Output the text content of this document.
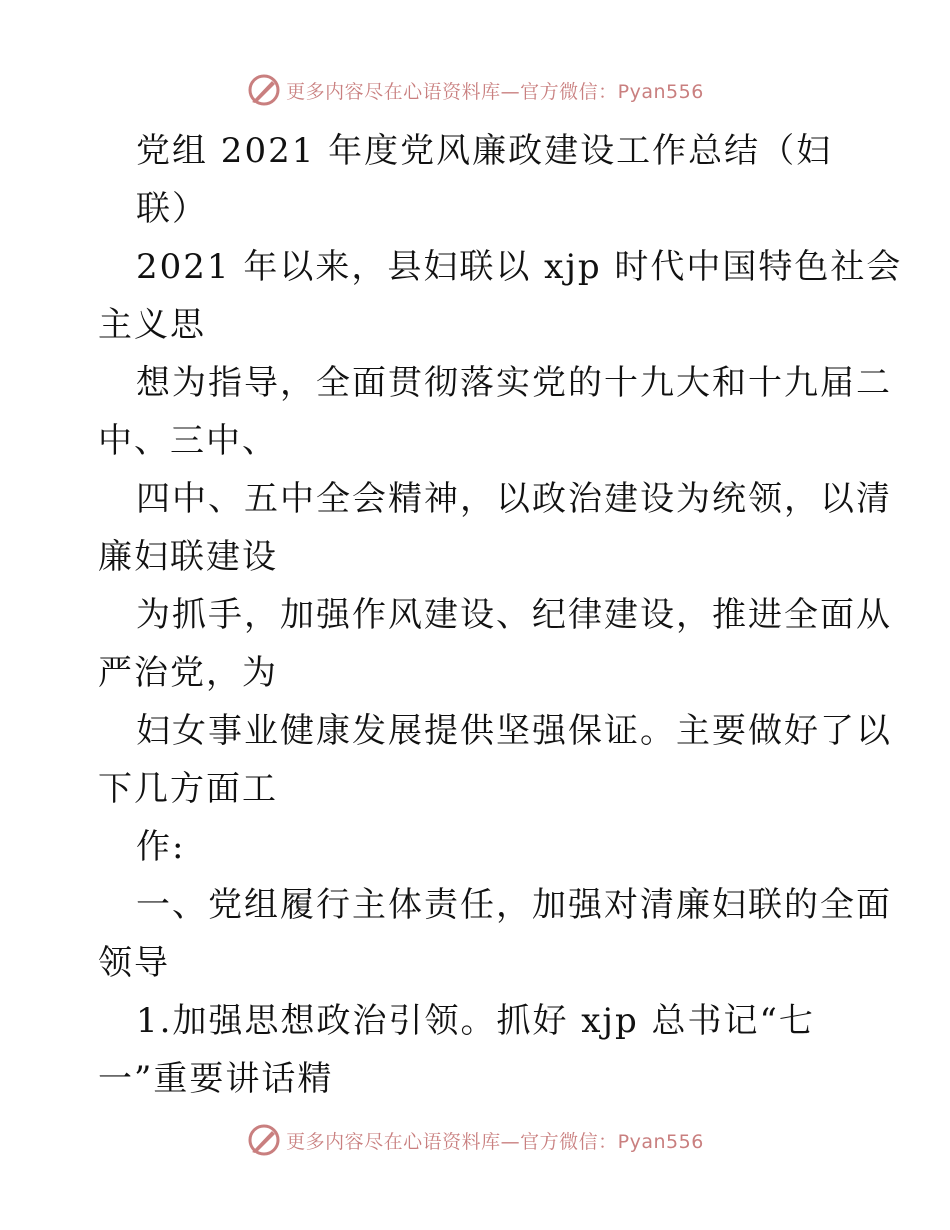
更多内容尽在心语资料库—官方微信：Pyan556
党组 2021 年度党风廉政建设工作总结（妇
联）
2021 年以来，县妇联以 xjp 时代中国特色社会
主义思
想为指导，全面贯彻落实党的十九大和十九届二
中、三中、
四中、五中全会精神，以政治建设为统领，以清
廉妇联建设
为抓手，加强作风建设、纪律建设，推进全面从
严治党，为
妇女事业健康发展提供坚强保证。主要做好了以
下几方面工
作:
一、党组履行主体责任，加强对清廉妇联的全面
领导
1.加强思想政治引领。抓好 xjp 总书记“七
一”重要讲话精
更多内容尽在心语资料库—官方微信：Pyan556
